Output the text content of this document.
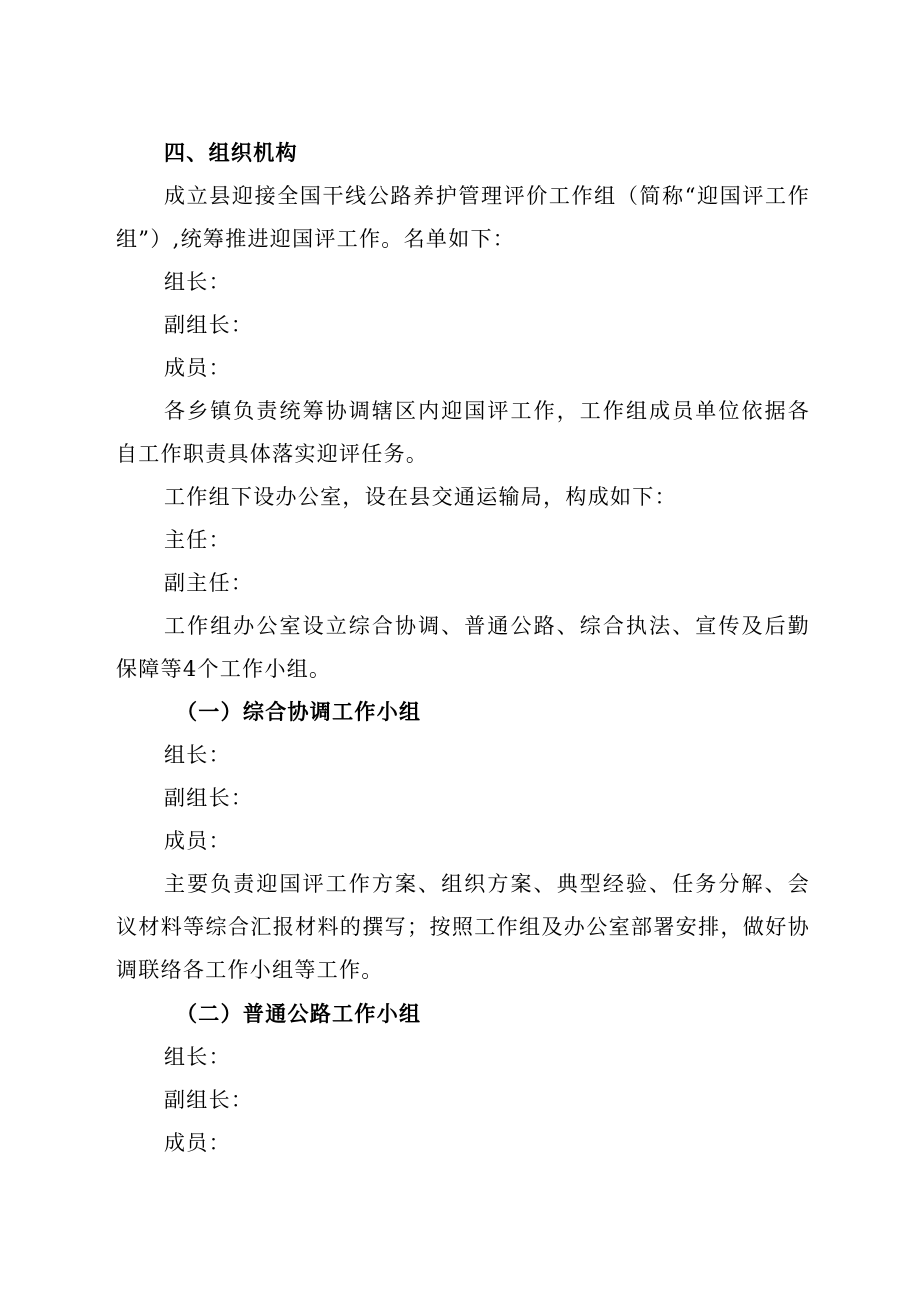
四、组织机构
成立县迎接全国干线公路养护管理评价工作组（简称“迎国评工作组”）,统筹推进迎国评工作。名单如下：
组长：
副组长：
成员：
各乡镇负责统筹协调辖区内迎国评工作，工作组成员单位依据各自工作职责具体落实迎评任务。
工作组下设办公室，设在县交通运输局，构成如下：
主任：
副主任：
工作组办公室设立综合协调、普通公路、综合执法、宣传及后勤保障等4个工作小组。
（一）综合协调工作小组
组长：
副组长：
成员：
主要负责迎国评工作方案、组织方案、典型经验、任务分解、会议材料等综合汇报材料的撰写；按照工作组及办公室部署安排，做好协调联络各工作小组等工作。
（二）普通公路工作小组
组长：
副组长：
成员：
